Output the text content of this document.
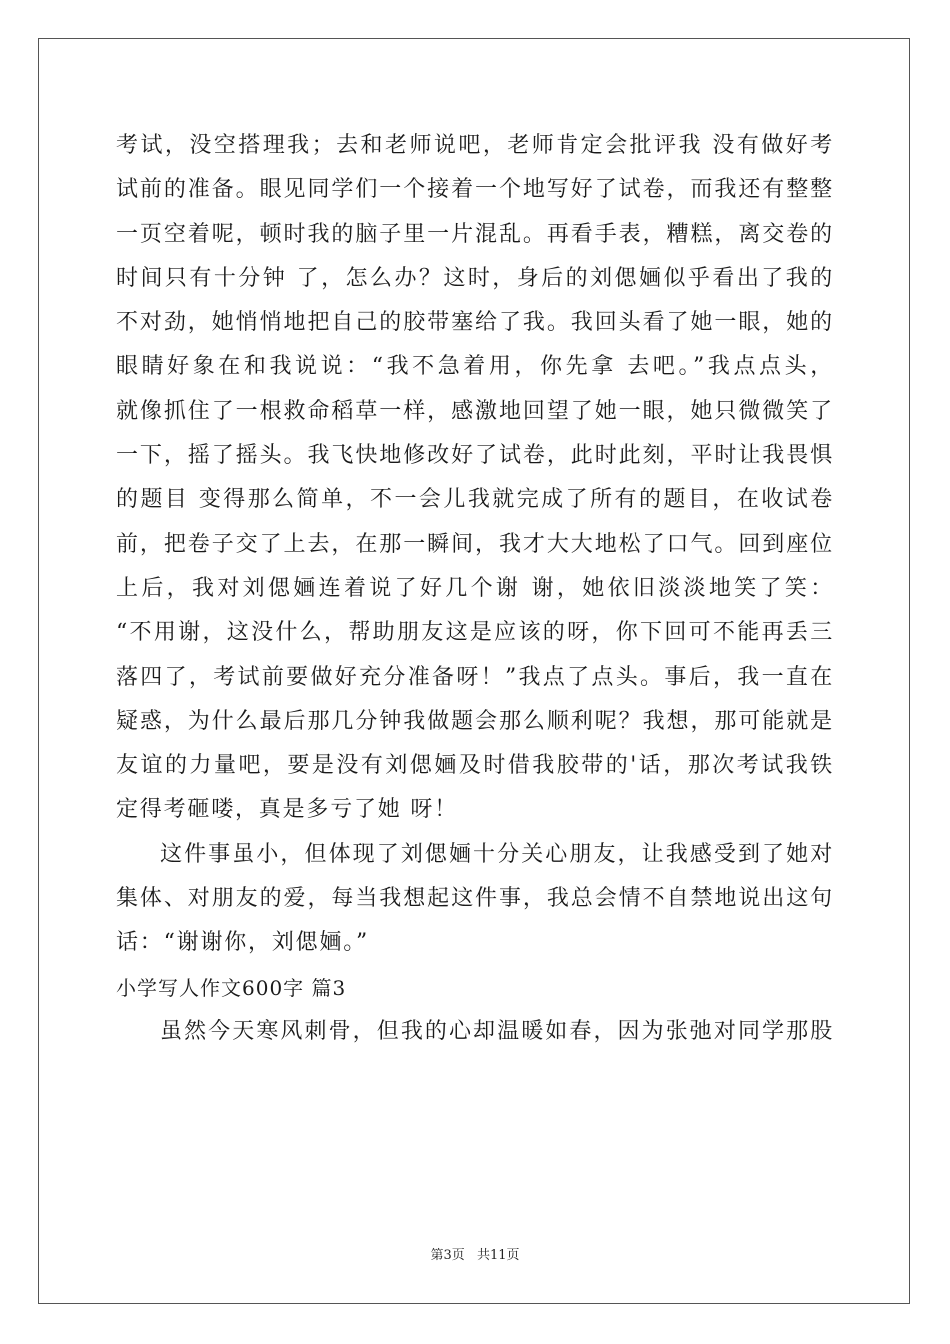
考试，没空搭理我；去和老师说吧，老师肯定会批评我 没有做好考
试前的准备。眼见同学们一个接着一个地写好了试卷，而我还有整整
一页空着呢，顿时我的脑子里一片混乱。再看手表，糟糕，离交卷的
时间只有十分钟 了，怎么办？这时，身后的刘偲婳似乎看出了我的
不对劲，她悄悄地把自己的胶带塞给了我。我回头看了她一眼，她的
眼睛好象在和我说说：“我不急着用，你先拿 去吧。”我点点头，
就像抓住了一根救命稻草一样，感激地回望了她一眼，她只微微笑了
一下，摇了摇头。我飞快地修改好了试卷，此时此刻，平时让我畏惧
的题目 变得那么简单，不一会儿我就完成了所有的题目，在收试卷
前，把卷子交了上去，在那一瞬间，我才大大地松了口气。回到座位
上后，我对刘偲婳连着说了好几个谢 谢，她依旧淡淡地笑了笑：
“不用谢，这没什么，帮助朋友这是应该的呀，你下回可不能再丢三
落四了，考试前要做好充分准备呀！”我点了点头。事后，我一直在
疑惑，为什么最后那几分钟我做题会那么顺利呢？我想，那可能就是
友谊的力量吧，要是没有刘偲婳及时借我胶带的'话，那次考试我铁
定得考砸喽，真是多亏了她 呀！
这件事虽小，但体现了刘偲婳十分关心朋友，让我感受到了她对
集体、对朋友的爱，每当我想起这件事，我总会情不自禁地说出这句
话：“谢谢你，刘偲婳。”
小学写人作文600字 篇3
虽然今天寒风刺骨，但我的心却温暖如春，因为张弛对同学那股
第3页 共11页
